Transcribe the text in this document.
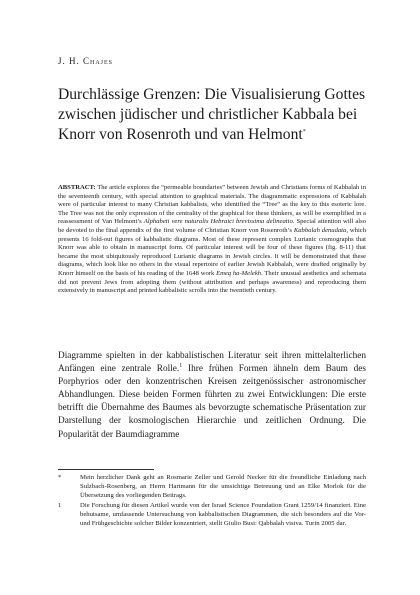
J. H. Chajes
Durchlässige Grenzen: Die Visualisierung Gottes zwischen jüdischer und christlicher Kabbala bei Knorr von Rosenroth und van Helmont*

ABSTRACT: The article explores the “permeable boundaries” between Jewish and Christians forms of Kabbalah in the seventeenth century, with special attention to graphical materials. The diagrammatic expressions of Kabbalah were of particular interest to many Christian kabbalists, who identified the “Tree” as the key to this esoteric lore. The Tree was not the only expression of the centrality of the graphical for these thinkers, as will be exemplified in a reassessment of Van Helmont’s Alphabeti vere naturalis Hebraici brevissima delineatio. Special attention will also be devoted to the final appendix of the first volume of Christian Knorr von Rosenroth’s Kabbalah denudata, which presents 16 fold-out figures of kabbalistic diagrams. Most of these represent complex Lurianic cosmographs that Knorr was able to obtain in manuscript form. Of particular interest will be four of these figures (fig. 8-11) that became the most ubiquitously reproduced Lurianic diagrams in Jewish circles. It will be demonstrated that these diagrams, which look like no others in the visual repertoire of earlier Jewish Kabbalah, were drafted originally by Knorr himself on the basis of his reading of the 1648 work Emeq ha-Melekh. Their unusual aesthetics and schemata did not prevent Jews from adopting them (without attribution and perhaps awareness) and reproducing them extensively in manuscript and printed kabbalistic scrolls into the twentieth century.

Diagramme spielten in der kabbalistischen Literatur seit ihren mittelalterlichen Anfängen eine zentrale Rolle.$^1$ Ihre frühen Formen ähneln dem Baum des Porphyrios oder den konzentrischen Kreisen zeitgenössischer astronomischer Abhandlungen. Diese beiden Formen führten zu zwei Entwicklungen: Die erste betrifft die Übernahme des Baumes als bevorzugte schematische Präsentation zur Darstellung der kosmologischen Hierarchie und zeitlichen Ordnung. Die Popularität der Baumdiagramme

*	Mein herzlicher Dank geht an Rosmarie Zeller und Gerold Necker für die freundliche Einladung nach Sulzbach-Rosenberg, an Herrn Hartmann für die umsichtige Betreuung und an Elke Morlok für die Übersetzung des vorliegenden Beitrags.
1	Die Forschung für diesen Artikel wurde von der Israel Science Foundation Grant 1259/14 finanziert. Eine behutsame, umfassende Untersuchung von kabbalistischen Diagrammen, die sich besonders auf die Vor- und Frühgeschichte solcher Bilder konzentriert, stellt Giulio Busi: Qabbalah visiva. Turin 2005 dar.
